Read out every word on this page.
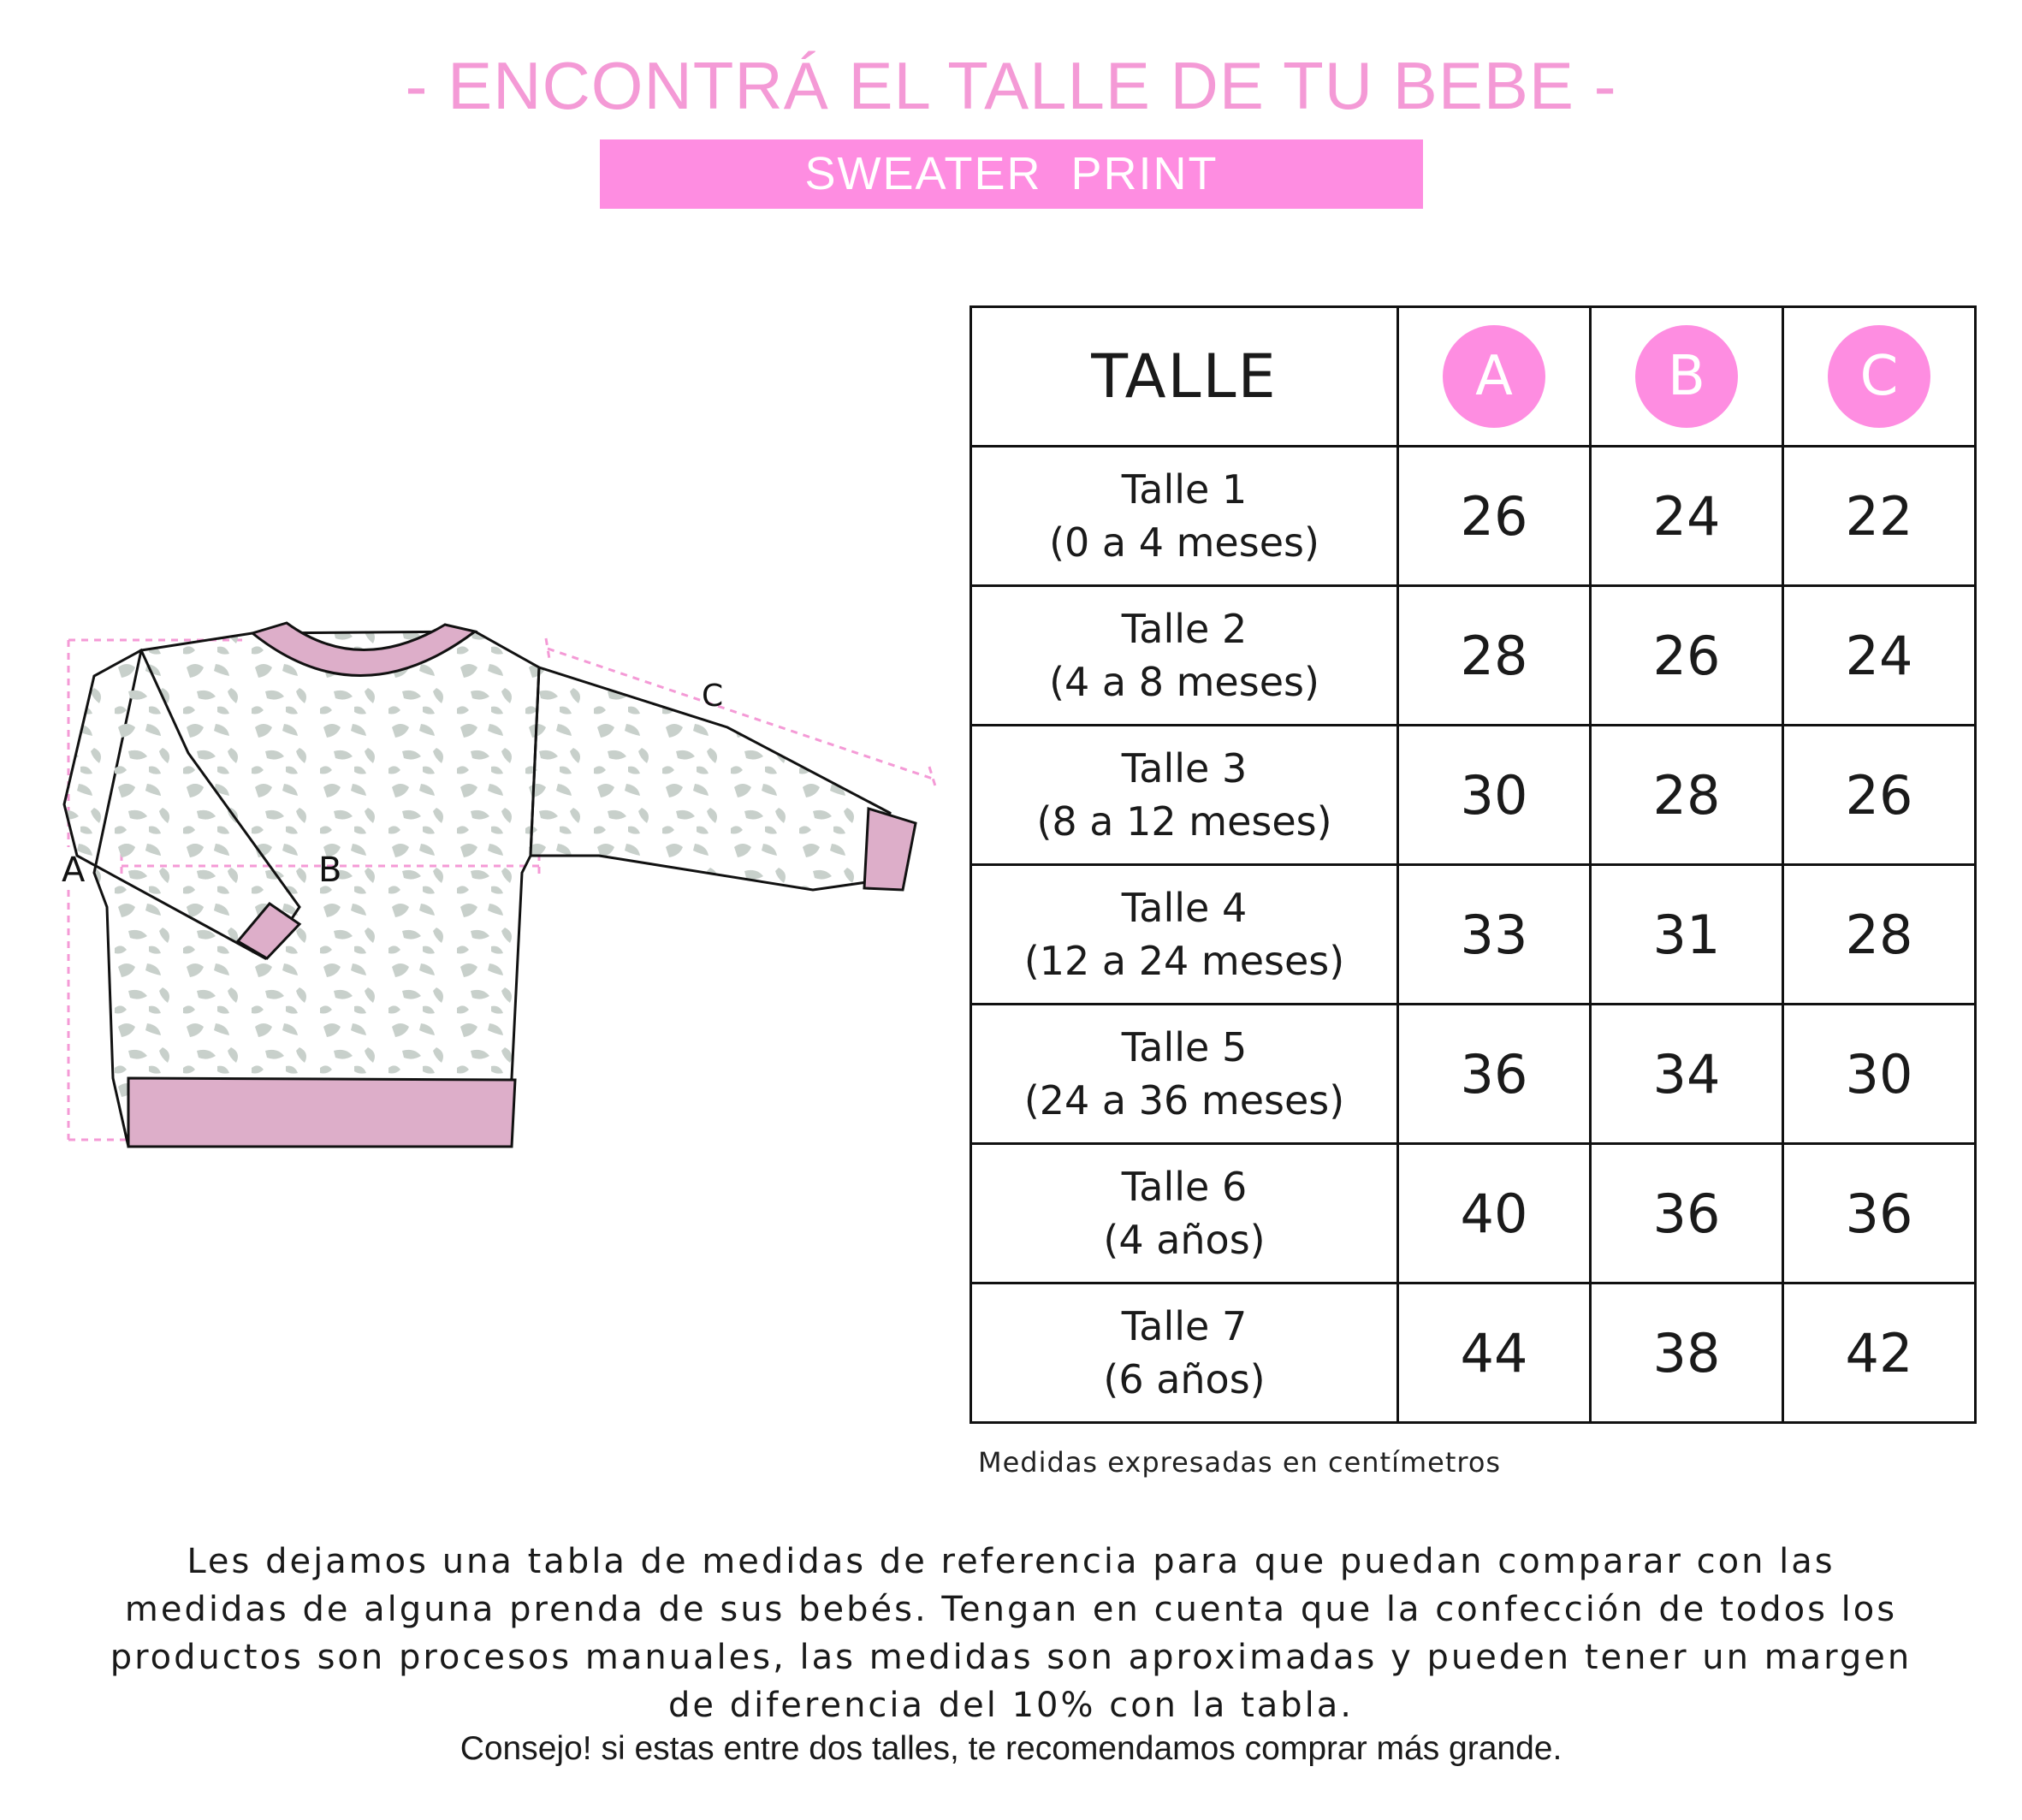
- ENCONTRÁ EL TALLE DE TU BEBE -
SWEATER  PRINT
A	B
C
TALLE	A	B	C

Talle 1
(0 a 4 meses)	26	24	22

Talle 2
(4 a 8 meses)	28	26	24

Talle 3
(8 a 12 meses)	30	28	26

Talle 4
(12 a 24 meses)	33	31	28

Talle 5
(24 a 36 meses)	36	34	30

Talle 6
(4 años)	40	36	36

Talle 7
(6 años)	44	38	42
Medidas expresadas en centímetros
Les dejamos una tabla de medidas de referencia para que puedan comparar con las
medidas de alguna prenda de sus bebés. Tengan en cuenta que la confección de todos los
productos son procesos manuales, las medidas son aproximadas y pueden tener un margen
de diferencia del 10% con la tabla.
Consejo! si estas entre dos talles, te recomendamos comprar más grande.
